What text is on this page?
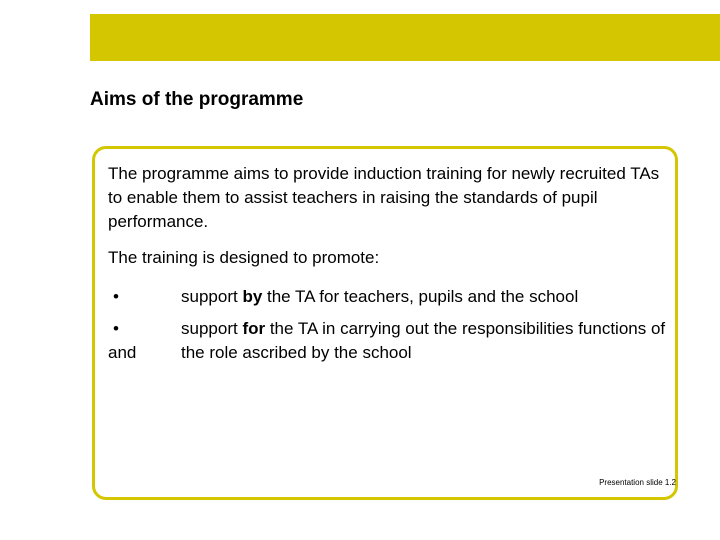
Aims of the programme

The programme aims to provide induction training for newly recruited TAs to enable them to assist teachers in raising the standards of pupil performance.

The training is designed to promote:

•	support by the TA for teachers, pupils and the school
•
and
support for the TA in carrying out the responsibilities functions of the role ascribed by the school
Presentation slide 1.2
